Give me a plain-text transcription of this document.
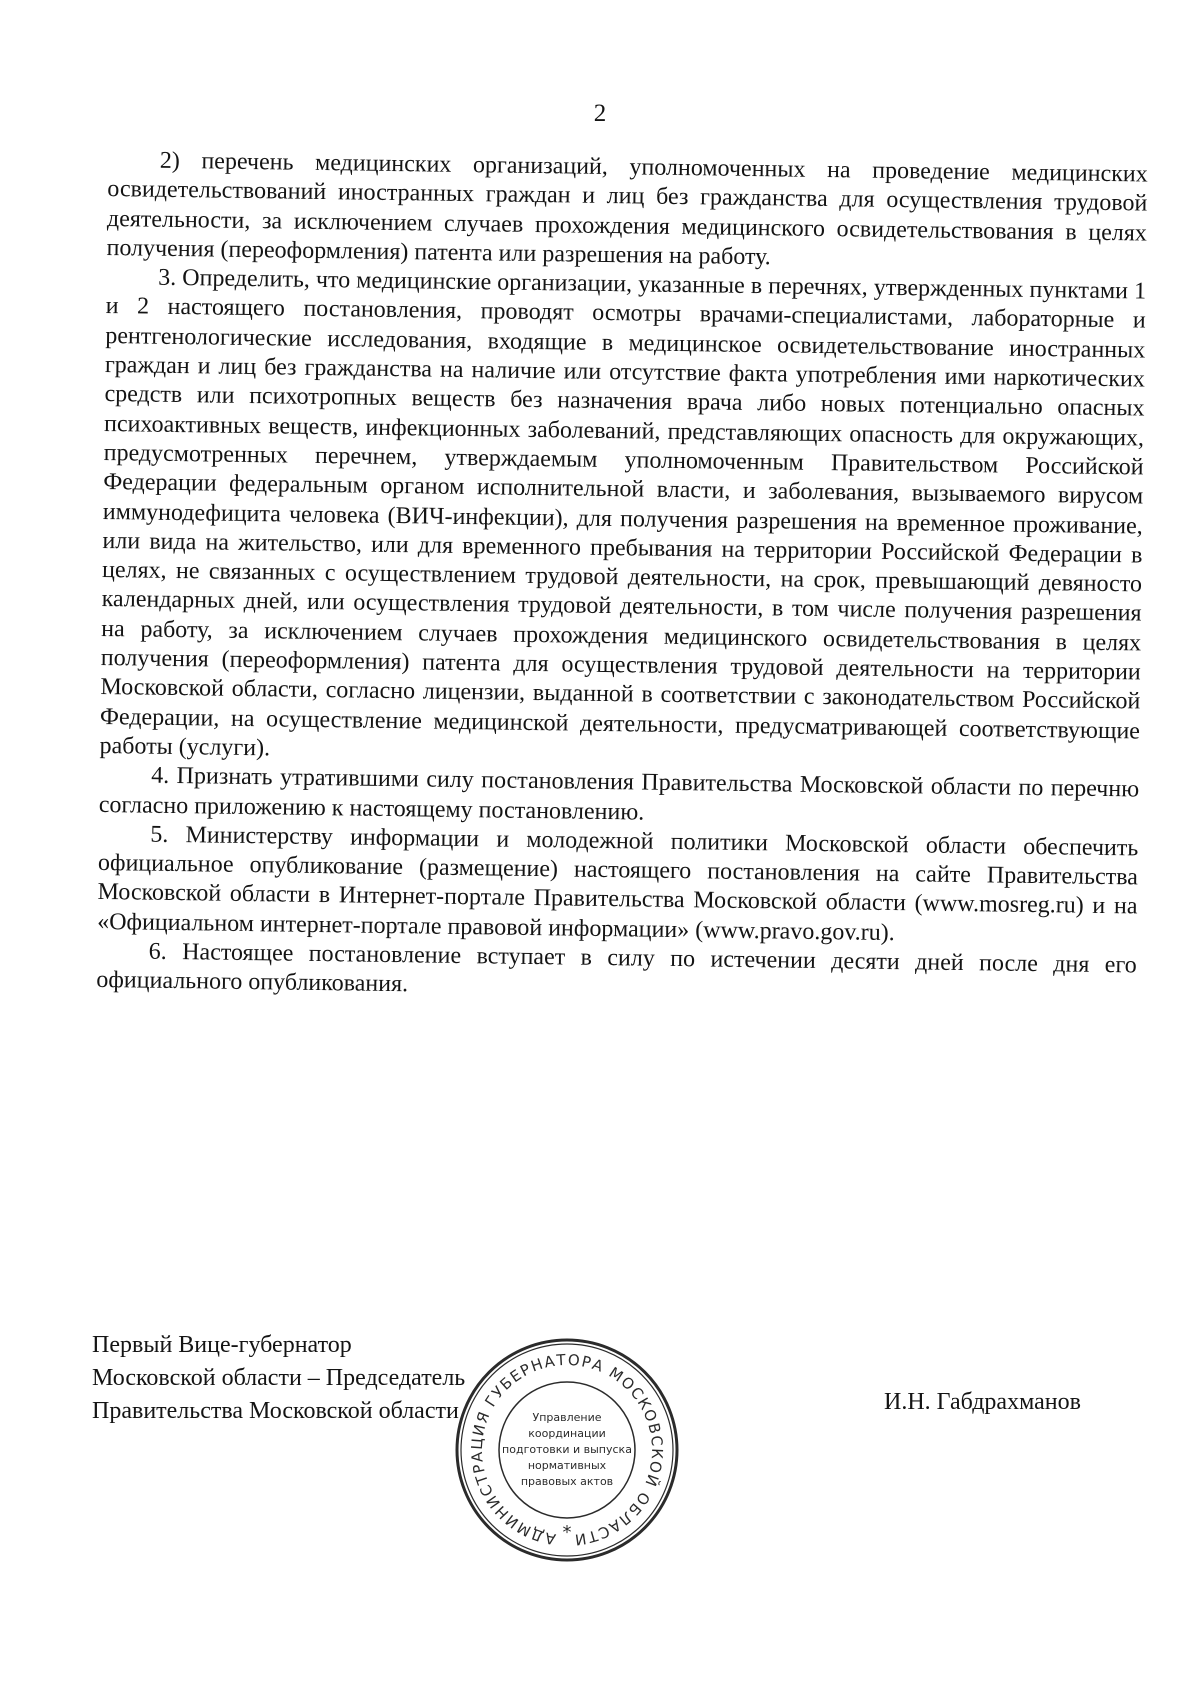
2

2) перечень медицинских организаций, уполномоченных на проведение медицинских освидетельствований иностранных граждан и лиц без гражданства для осуществления трудовой деятельности, за исключением случаев прохождения медицинского освидетельствования в целях получения (переоформления) патента или разрешения на работу.

3. Определить, что медицинские организации, указанные в перечнях, утвержденных пунктами 1 и 2 настоящего постановления, проводят осмотры врачами-специалистами, лабораторные и рентгенологические исследования, входящие в медицинское освидетельствование иностранных граждан и лиц без гражданства на наличие или отсутствие факта употребления ими наркотических средств или психотропных веществ без назначения врача либо новых потенциально опасных психоактивных веществ, инфекционных заболеваний, представляющих опасность для окружающих, предусмотренных перечнем, утверждаемым уполномоченным Правительством Российской Федерации федеральным органом исполнительной власти, и заболевания, вызываемого вирусом иммунодефицита человека (ВИЧ-инфекции), для получения разрешения на временное проживание, или вида на жительство, или для временного пребывания на территории Российской Федерации в целях, не связанных с осуществлением трудовой деятельности, на срок, превышающий девяносто календарных дней, или осуществления трудовой деятельности, в том числе получения разрешения на работу, за исключением случаев прохождения медицинского освидетельствования в целях получения (переоформления) патента для осуществления трудовой деятельности на территории Московской области, согласно лицензии, выданной в соответствии с законодательством Российской Федерации, на осуществление медицинской деятельности, предусматривающей соответствующие работы (услуги).

4. Признать утратившими силу постановления Правительства Московской области по перечню согласно приложению к настоящему постановлению.

5. Министерству информации и молодежной политики Московской области обеспечить официальное опубликование (размещение) настоящего постановления на сайте Правительства Московской области в Интернет-портале Правительства Московской области (www.mosreg.ru) и на «Официальном интернет-портале правовой информации» (www.pravo.gov.ru).

6. Настоящее постановление вступает в силу по истечении десяти дней после дня его официального опубликования.

Первый Вице-губернатор
Московской области – Председатель
Правительства Московской области	И.Н. Габдрахманов
АДМИНИСТРАЦИЯ ГУБЕРНАТОРА МОСКОВСКОЙ ОБЛАСТИ
*
Управление
координации
подготовки и выпуска
нормативных
правовых актов
